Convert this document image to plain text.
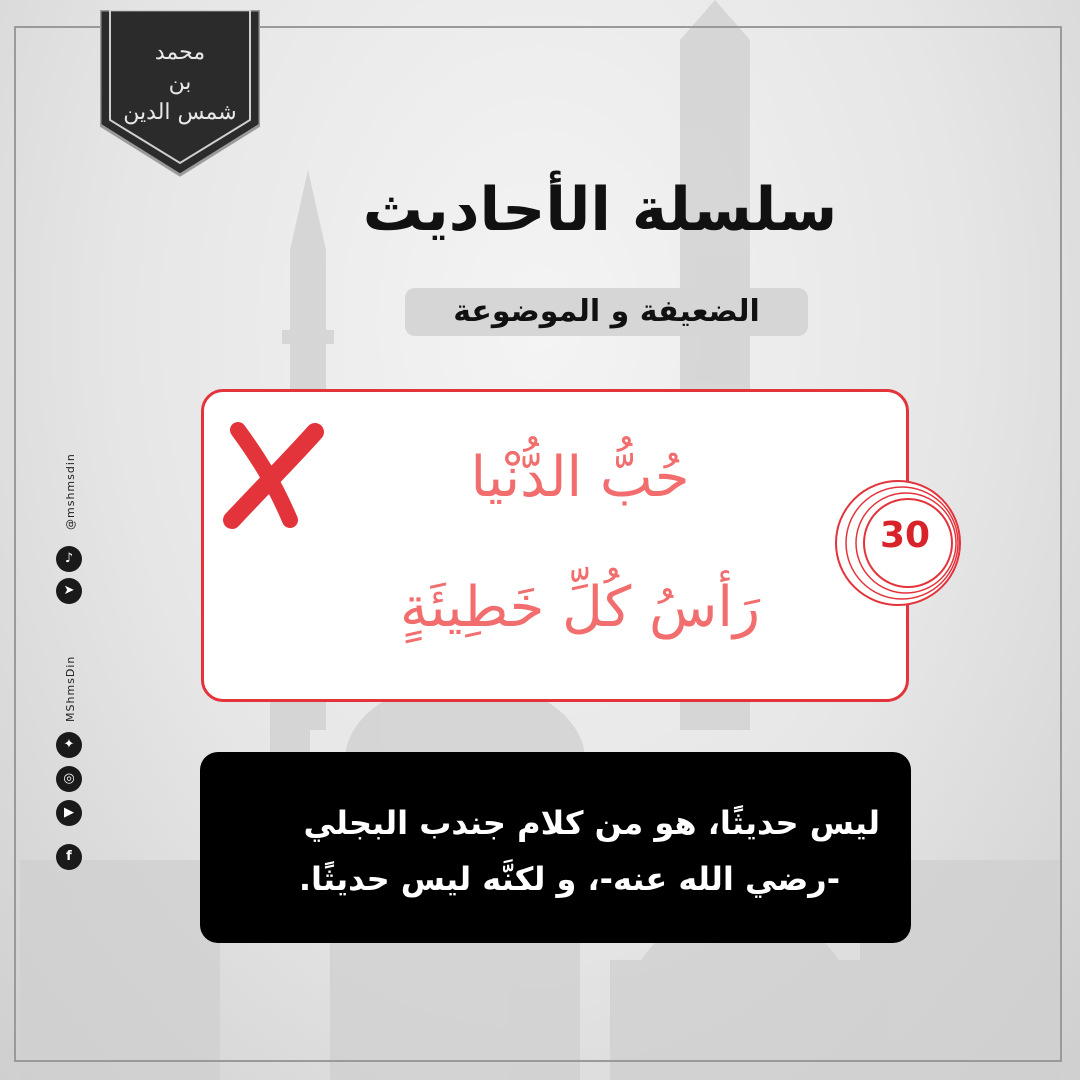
محمد
بن
شمس الدين
سلسلة الأحاديث
الضعيفة و الموضوعة
حُبُّ الدُّنْيا
رَأسُ كُلِّ خَطِيئَةٍ
30
ليس حديثًا، هو من كلام جندب البجلي
-رضي الله عنه-، و لكنَّه ليس حديثًا.
@mshmsdin
♪
➤
MShmsDin
✦
◎
▶
f
